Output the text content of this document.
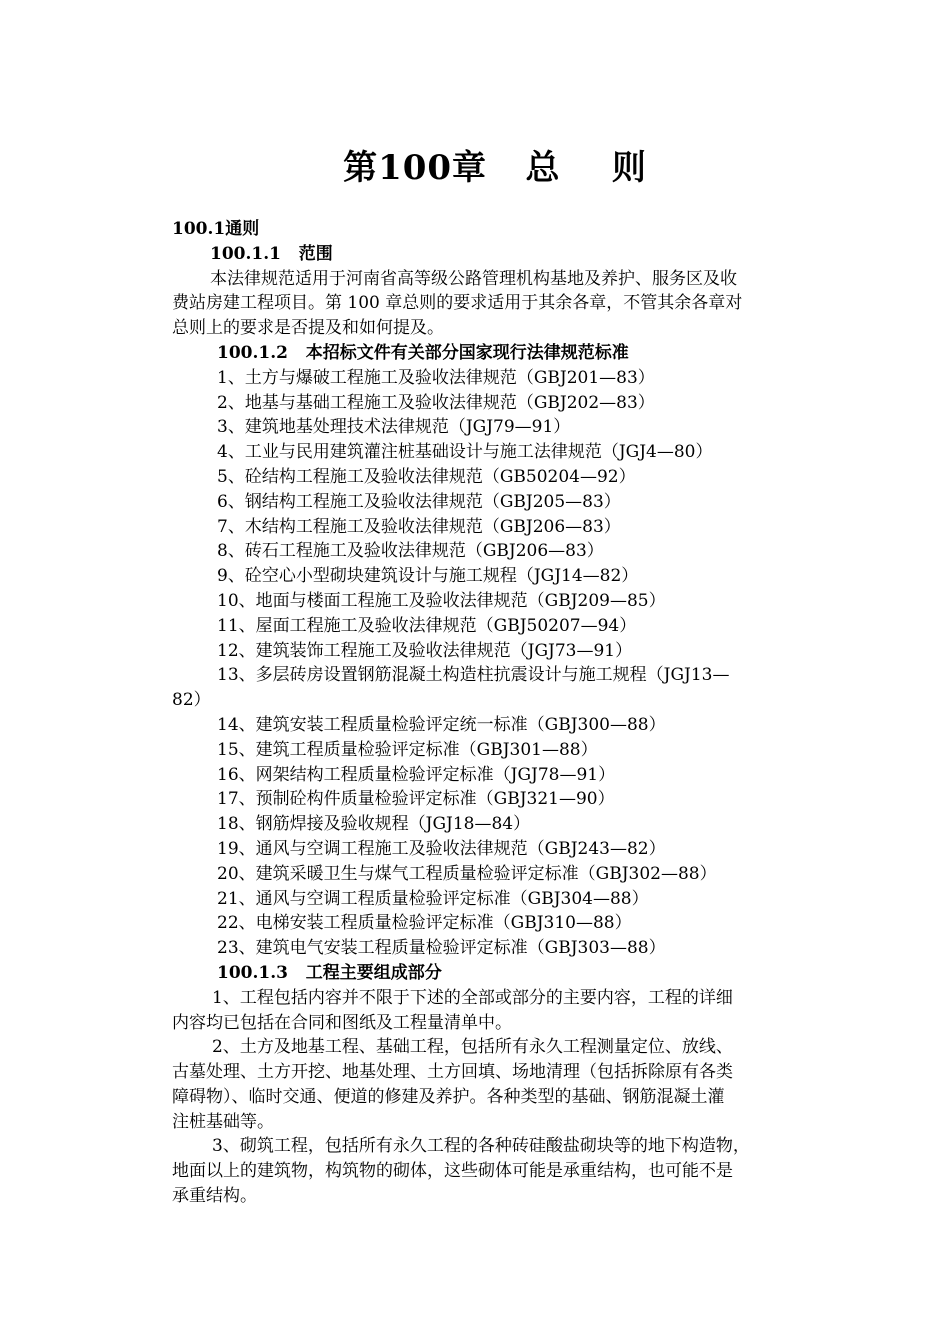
第100章   总    则
100.1通则
100.1.1   范围
本法律规范适用于河南省高等级公路管理机构基地及养护、服务区及收
费站房建工程项目。第 100 章总则的要求适用于其余各章，不管其余各章对
总则上的要求是否提及和如何提及。
100.1.2   本招标文件有关部分国家现行法律规范标准
1、土方与爆破工程施工及验收法律规范（GBJ201—83）
2、地基与基础工程施工及验收法律规范（GBJ202—83）
3、建筑地基处理技术法律规范（JGJ79—91）
4、工业与民用建筑灌注桩基础设计与施工法律规范（JGJ4—80）
5、砼结构工程施工及验收法律规范（GB50204—92）
6、钢结构工程施工及验收法律规范（GBJ205—83）
7、木结构工程施工及验收法律规范（GBJ206—83）
8、砖石工程施工及验收法律规范（GBJ206—83）
9、砼空心小型砌块建筑设计与施工规程（JGJ14—82）
10、地面与楼面工程施工及验收法律规范（GBJ209—85）
11、屋面工程施工及验收法律规范（GBJ50207—94）
12、建筑装饰工程施工及验收法律规范（JGJ73—91）
13、多层砖房设置钢筋混凝土构造柱抗震设计与施工规程（JGJ13—
82）
14、建筑安装工程质量检验评定统一标准（GBJ300—88）
15、建筑工程质量检验评定标准（GBJ301—88）
16、网架结构工程质量检验评定标准（JGJ78—91）
17、预制砼构件质量检验评定标准（GBJ321—90）
18、钢筋焊接及验收规程（JGJ18—84）
19、通风与空调工程施工及验收法律规范（GBJ243—82）
20、建筑采暖卫生与煤气工程质量检验评定标准（GBJ302—88）
21、通风与空调工程质量检验评定标准（GBJ304—88）
22、电梯安装工程质量检验评定标准（GBJ310—88）
23、建筑电气安装工程质量检验评定标准（GBJ303—88）
100.1.3   工程主要组成部分
1、工程包括内容并不限于下述的全部或部分的主要内容，工程的详细
内容均已包括在合同和图纸及工程量清单中。
2、土方及地基工程、基础工程，包括所有永久工程测量定位、放线、
古墓处理、土方开挖、地基处理、土方回填、场地清理（包括拆除原有各类
障碍物）、临时交通、便道的修建及养护。各种类型的基础、钢筋混凝土灌
注桩基础等。
3、砌筑工程，包括所有永久工程的各种砖硅酸盐砌块等的地下构造物，
地面以上的建筑物，构筑物的砌体，这些砌体可能是承重结构，也可能不是
承重结构。
